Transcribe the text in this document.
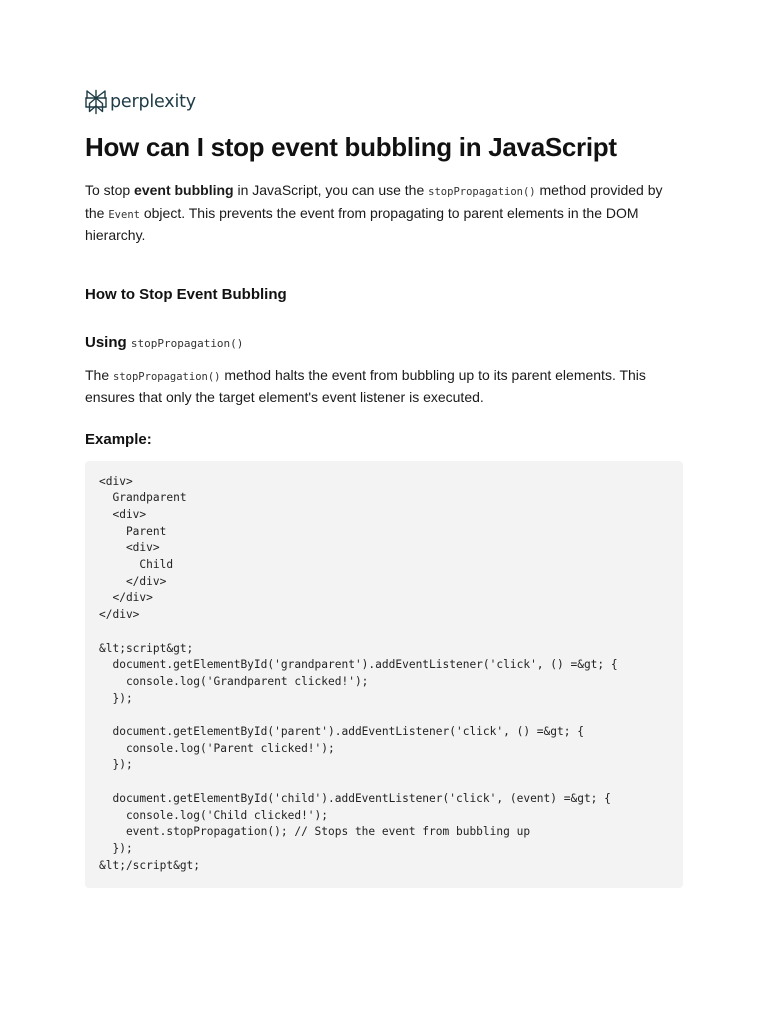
perplexity
How can I stop event bubbling in JavaScript

To stop event bubbling in JavaScript, you can use the stopPropagation() method provided by the Event object. This prevents the event from propagating to parent elements in the DOM hierarchy.

How to Stop Event Bubbling
Using stopPropagation()

The stopPropagation() method halts the event from bubbling up to its parent elements. This ensures that only the target element's event listener is executed.

Example:
<div>
Grandparent
<div>
Parent
<div>
Child
</div>
</div>
</div>

&lt;script&gt;
document.getElementById('grandparent').addEventListener('click', () =&gt; {
console.log('Grandparent clicked!');
});

document.getElementById('parent').addEventListener('click', () =&gt; {
console.log('Parent clicked!');
});

document.getElementById('child').addEventListener('click', (event) =&gt; {
console.log('Child clicked!');
event.stopPropagation(); // Stops the event from bubbling up
});
&lt;/script&gt;
